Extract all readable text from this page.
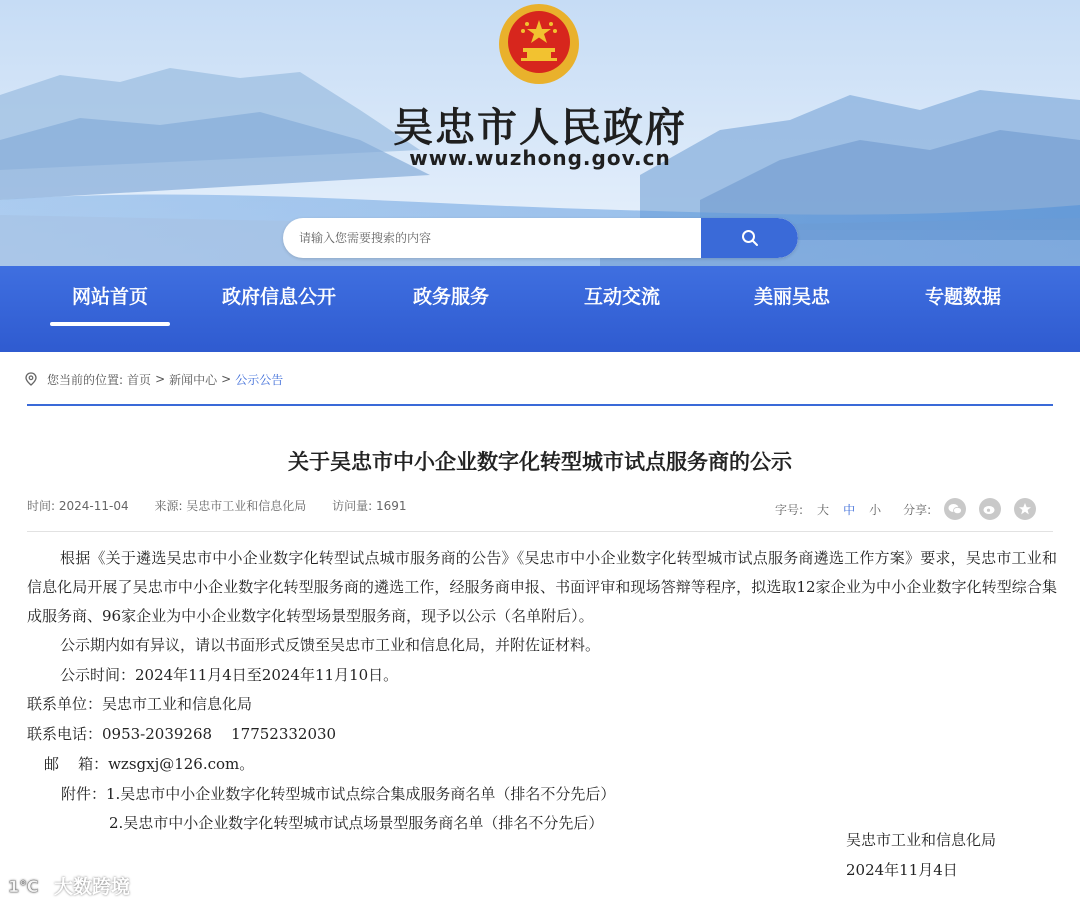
吴忠市人民政府
www.wuzhong.gov.cn
请输入您需要搜索的内容
网站首页	政府信息公开	政务服务	互动交流	美丽吴忠	专题数据
您当前的位置: 首页 > 新闻中心 > 公示公告
关于吴忠市中小企业数字化转型城市试点服务商的公示
时间: 2024-11-04 来源: 吴忠市工业和信息化局 访问量: 1691	字号: 大 中 小 分享:
根据《关于遴选吴忠市中小企业数字化转型试点城市服务商的公告》《吴忠市中小企业数字化转型城市试点服务商遴选工作方案》要求，吴忠市工业和信息化局开展了吴忠市中小企业数字化转型服务商的遴选工作，经服务商申报、书面评审和现场答辩等程序，拟选取12家企业为中小企业数字化转型综合集成服务商、96家企业为中小企业数字化转型场景型服务商，现予以公示（名单附后）。
公示期内如有异议，请以书面形式反馈至吴忠市工业和信息化局，并附佐证材料。
公示时间：2024年11月4日至2024年11月10日。
联系单位：吴忠市工业和信息化局
联系电话：0953-2039268    17752332030
邮    箱：wzsgxj@126.com。
附件：1.吴忠市中小企业数字化转型城市试点综合集成服务商名单（排名不分先后）
2.吴忠市中小企业数字化转型城市试点场景型服务商名单（排名不分先后）
吴忠市工业和信息化局
2024年11月4日
1℃ 大数跨境
